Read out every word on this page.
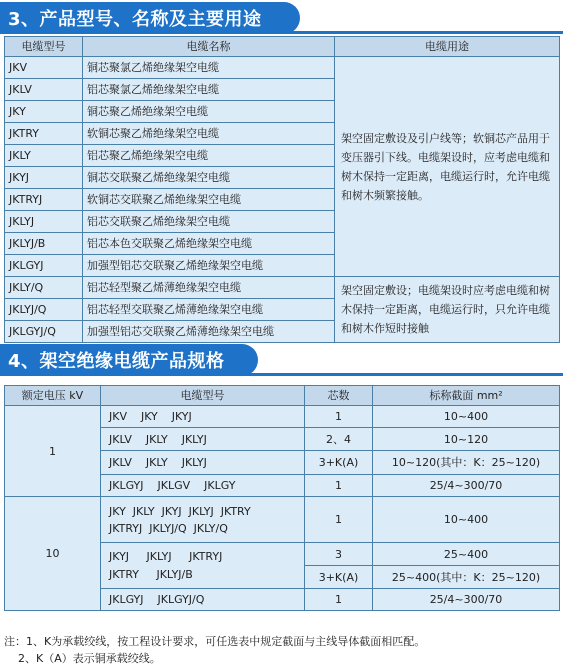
3、产品型号、名称及主要用途
电缆型号	电缆名称	电缆用途
JKV	铜芯聚氯乙烯绝缘架空电缆	架空固定敷设及引户线等；软铜芯产品用于变压器引下线。电缆架设时，应考虑电缆和树木保持一定距离，电缆运行时，允许电缆和树木频繁接触。
JKLV	铝芯聚氯乙烯绝缘架空电缆	
JKY	铜芯聚乙烯绝缘架空电缆	
JKTRY	软铜芯聚乙烯绝缘架空电缆	
JKLY	铝芯聚乙烯绝缘架空电缆	
JKYJ	铜芯交联聚乙烯绝缘架空电缆	
JKTRYJ	软铜芯交联聚乙烯绝缘架空电缆	
JKLYJ	铝芯交联聚乙烯绝缘架空电缆	
JKLYJ/B	铝芯本色交联聚乙烯绝缘架空电缆	
JKLGYJ	加强型铝芯交联聚乙烯绝缘架空电缆	
JKLY/Q	铝芯轻型聚乙烯薄绝缘架空电缆	架空固定敷设；电缆架设时应考虑电缆和树木保持一定距离，电缆运行时，只允许电缆和树木作短时接触
JKLYJ/Q	铝芯轻型交联聚乙烯薄绝缘架空电缆	
JKLGYJ/Q	加强型铝芯交联聚乙烯薄绝缘架空电缆	
4、架空绝缘电缆产品规格
额定电压 kV	电缆型号	芯数	标称截面 mm²
1	JKV    JKY    JKYJ	1	10~400
	JKLV    JKLY    JKLYJ	2、4	10~120
	JKLV    JKLY    JKLYJ	3+K(A)	10~120(其中：K：25~120)
	JKLGYJ    JKLGV    JKLGY	1	25/4~300/70
10	JKY  JKLY  JKYJ  JKLYJ  JKTRY
JKTRYJ  JKLYJ/Q  JKLY/Q	1	10~400
	JKYJ     JKLYJ     JKTRYJ
JKTRY     JKLYJ/B	3	25~400
		3+K(A)	25~400(其中：K：25~120)
	JKLGYJ    JKLGYJ/Q	1	25/4~300/70
注：1、K为承载绞线，按工程设计要求，可任选表中规定截面与主线导体截面相匹配。
2、K（A）表示铜承载绞线。
